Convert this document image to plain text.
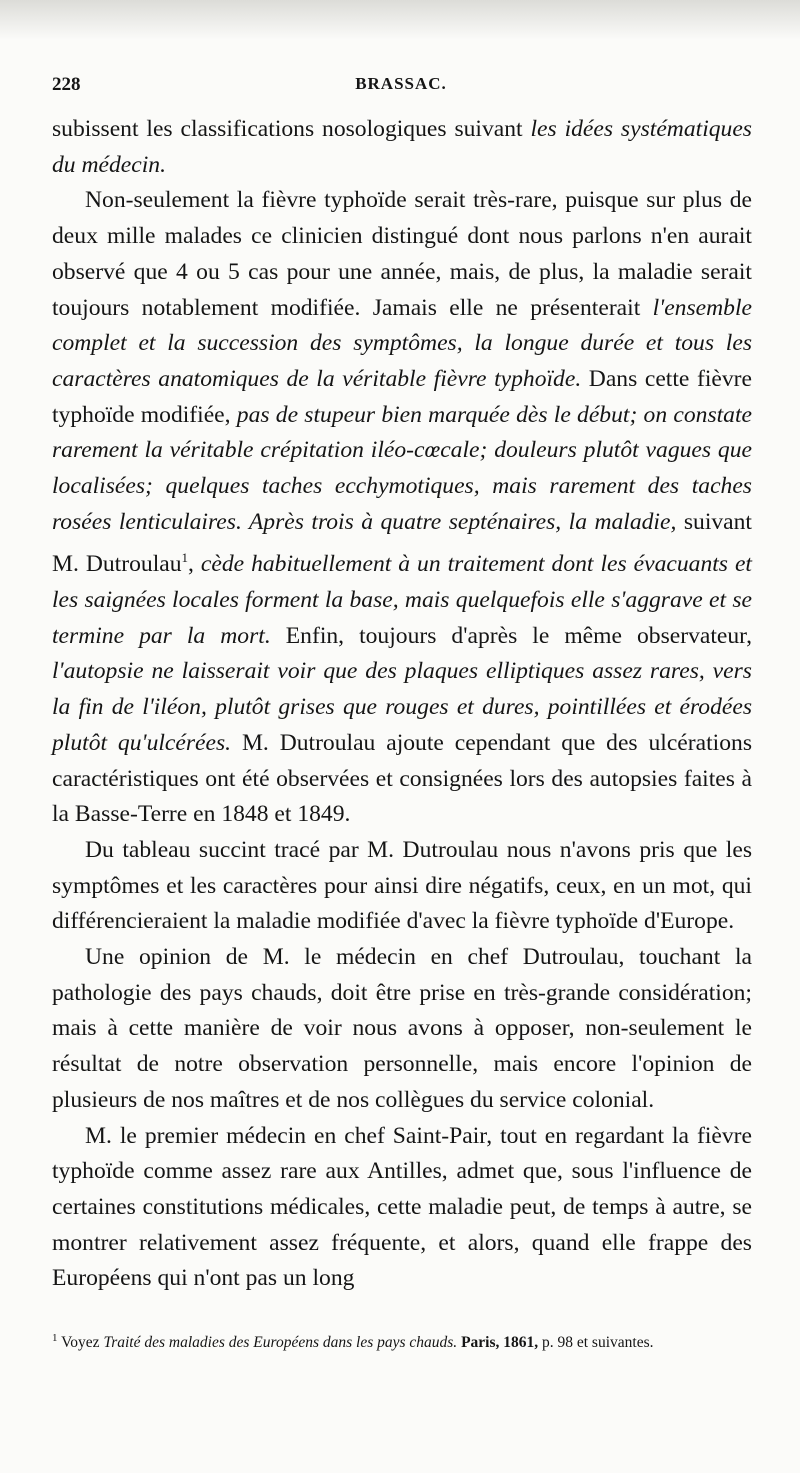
228	BRASSAC.

subissent les classifications nosologiques suivant les idées systématiques du médecin.

Non-seulement la fièvre typhoïde serait très-rare, puisque sur plus de deux mille malades ce clinicien distingué dont nous parlons n'en aurait observé que 4 ou 5 cas pour une année, mais, de plus, la maladie serait toujours notablement modifiée. Jamais elle ne présenterait l'ensemble complet et la succession des symptômes, la longue durée et tous les caractères anatomiques de la véritable fièvre typhoïde. Dans cette fièvre typhoïde modifiée, pas de stupeur bien marquée dès le début; on constate rarement la véritable crépitation iléo-cœcale; douleurs plutôt vagues que localisées; quelques taches ecchymotiques, mais rarement des taches rosées lenticulaires. Après trois à quatre septénaires, la maladie, suivant M. Dutroulau$^1$, cède habituellement à un traitement dont les évacuants et les saignées locales forment la base, mais quelquefois elle s'aggrave et se termine par la mort. Enfin, toujours d'après le même observateur, l'autopsie ne laisserait voir que des plaques elliptiques assez rares, vers la fin de l'iléon, plutôt grises que rouges et dures, pointillées et érodées plutôt qu'ulcérées. M. Dutroulau ajoute cependant que des ulcérations caractéristiques ont été observées et consignées lors des autopsies faites à la Basse-Terre en 1848 et 1849.

Du tableau succint tracé par M. Dutroulau nous n'avons pris que les symptômes et les caractères pour ainsi dire négatifs, ceux, en un mot, qui différencieraient la maladie modifiée d'avec la fièvre typhoïde d'Europe.

Une opinion de M. le médecin en chef Dutroulau, touchant la pathologie des pays chauds, doit être prise en très-grande considération; mais à cette manière de voir nous avons à opposer, non-seulement le résultat de notre observation personnelle, mais encore l'opinion de plusieurs de nos maîtres et de nos collègues du service colonial.

M. le premier médecin en chef Saint-Pair, tout en regardant la fièvre typhoïde comme assez rare aux Antilles, admet que, sous l'influence de certaines constitutions médicales, cette maladie peut, de temps à autre, se montrer relativement assez fréquente, et alors, quand elle frappe des Européens qui n'ont pas un long

$^1$ Voyez Traité des maladies des Européens dans les pays chauds. Paris, 1861, p. 98 et suivantes.
